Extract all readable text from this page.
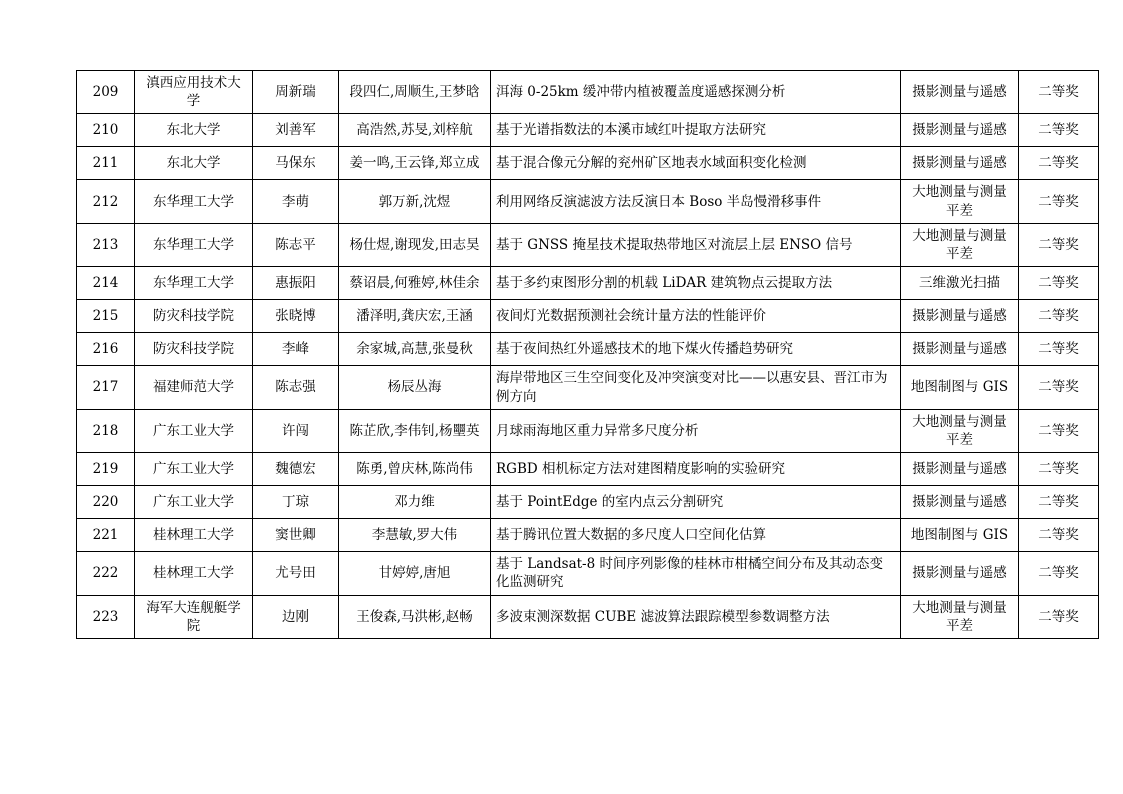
209	滇西应用技术大学	周新瑞	段四仁,周顺生,王梦晗	洱海 0-25km 缓冲带内植被覆盖度遥感探测分析	摄影测量与遥感	二等奖
210	东北大学	刘善军	高浩然,苏旻,刘梓航	基于光谱指数法的本溪市域红叶提取方法研究	摄影测量与遥感	二等奖
211	东北大学	马保东	姜一鸣,王云锋,郑立成	基于混合像元分解的兖州矿区地表水域面积变化检测	摄影测量与遥感	二等奖
212	东华理工大学	李萌	郭万新,沈煜	利用网络反演滤波方法反演日本 Boso 半岛慢滑移事件	大地测量与测量平差	二等奖
213	东华理工大学	陈志平	杨仕煜,谢现发,田志昊	基于 GNSS 掩星技术提取热带地区对流层上层 ENSO 信号	大地测量与测量平差	二等奖
214	东华理工大学	惠振阳	蔡诏晨,何雅婷,林佳余	基于多约束图形分割的机载 LiDAR 建筑物点云提取方法	三维激光扫描	二等奖
215	防灾科技学院	张晓博	潘泽明,龚庆宏,王涵	夜间灯光数据预测社会统计量方法的性能评价	摄影测量与遥感	二等奖
216	防灾科技学院	李峰	余家城,高慧,张曼秋	基于夜间热红外遥感技术的地下煤火传播趋势研究	摄影测量与遥感	二等奖
217	福建师范大学	陈志强	杨辰丛海	海岸带地区三生空间变化及冲突演变对比——以惠安县、晋江市为例方向	地图制图与 GIS	二等奖
218	广东工业大学	许闯	陈芷欣,李伟钊,杨壨英	月球雨海地区重力异常多尺度分析	大地测量与测量平差	二等奖
219	广东工业大学	魏德宏	陈勇,曾庆林,陈尚伟	RGBD 相机标定方法对建图精度影响的实验研究	摄影测量与遥感	二等奖
220	广东工业大学	丁琼	邓力维	基于 PointEdge 的室内点云分割研究	摄影测量与遥感	二等奖
221	桂林理工大学	窦世卿	李慧敏,罗大伟	基于腾讯位置大数据的多尺度人口空间化估算	地图制图与 GIS	二等奖
222	桂林理工大学	尤号田	甘婷婷,唐旭	基于 Landsat-8 时间序列影像的桂林市柑橘空间分布及其动态变化监测研究	摄影测量与遥感	二等奖
223	海军大连舰艇学院	边刚	王俊森,马洪彬,赵畅	多波束测深数据 CUBE 滤波算法跟踪模型参数调整方法	大地测量与测量平差	二等奖
